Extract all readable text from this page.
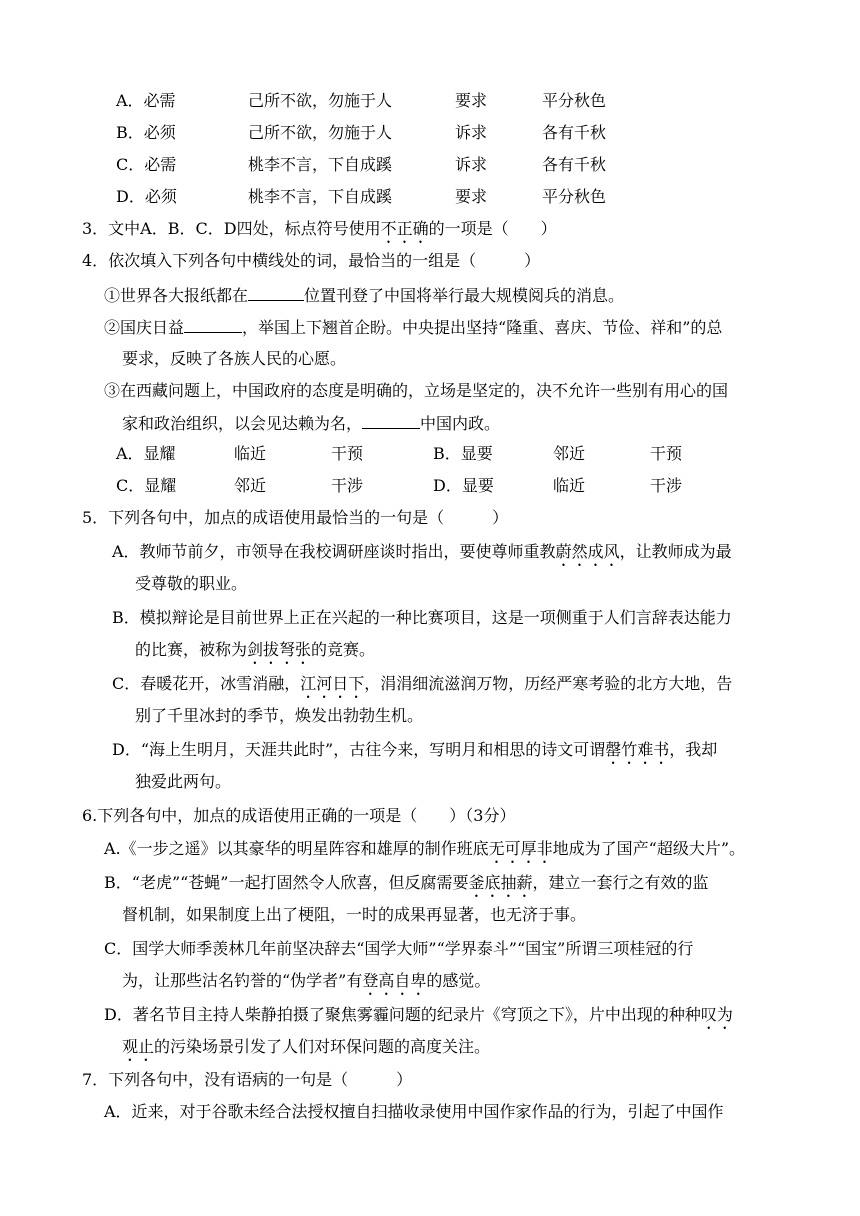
A．必需	己所不欲，勿施于人	要求	平分秋色
B．必须	己所不欲，勿施于人	诉求	各有千秋
C．必需	桃李不言，下自成蹊	诉求	各有千秋
D．必须	桃李不言，下自成蹊	要求	平分秋色
3．文中A．B．C．D四处，标点符号使用不正确的一项是（　　）
4．依次填入下列各句中横线处的词，最恰当的一组是（　　　）
①世界各大报纸都在	位置刊登了中国将举行最大规模阅兵的消息。
②国庆日益	，举国上下翘首企盼。中央提出坚持“隆重、喜庆、节俭、祥和”的总
要求，反映了各族人民的心愿。
③在西藏问题上，中国政府的态度是明确的，立场是坚定的，决不允许一些别有用心的国
家和政治组织，以会见达赖为名，	中国内政。
A．显耀	临近	干预	B．显要	邻近	干预
C．显耀	邻近	干涉	D．显要	临近	干涉
5．下列各句中，加点的成语使用最恰当的一句是（　　　）
A．教师节前夕，市领导在我校调研座谈时指出，要使尊师重教蔚然成风，让教师成为最
受尊敬的职业。
B．模拟辩论是目前世界上正在兴起的一种比赛项目，这是一项侧重于人们言辞表达能力
的比赛，被称为剑拔弩张的竞赛。
C．春暖花开，冰雪消融，江河日下，涓涓细流滋润万物，历经严寒考验的北方大地，告
别了千里冰封的季节，焕发出勃勃生机。
D．“海上生明月，天涯共此时”，古往今来，写明月和相思的诗文可谓罄竹难书，我却
独爱此两句。
6.下列各句中，加点的成语使用正确的一项是（　　）（3分）
A.《一步之遥》以其豪华的明星阵容和雄厚的制作班底无可厚非地成为了国产“超级大片”。
B．“老虎”“苍蝇”一起打固然令人欣喜，但反腐需要釜底抽薪，建立一套行之有效的监
督机制，如果制度上出了梗阻，一时的成果再显著，也无济于事。
C．国学大师季羡林几年前坚决辞去“国学大师”“学界泰斗”“国宝”所谓三项桂冠的行
为，让那些沽名钓誉的“伪学者”有登高自卑的感觉。
D．著名节目主持人柴静拍摄了聚焦雾霾问题的纪录片《穹顶之下》，片中出现的种种叹为
观止的污染场景引发了人们对环保问题的高度关注。
7．下列各句中，没有语病的一句是（　　　）
A．近来，对于谷歌未经合法授权擅自扫描收录使用中国作家作品的行为，引起了中国作
